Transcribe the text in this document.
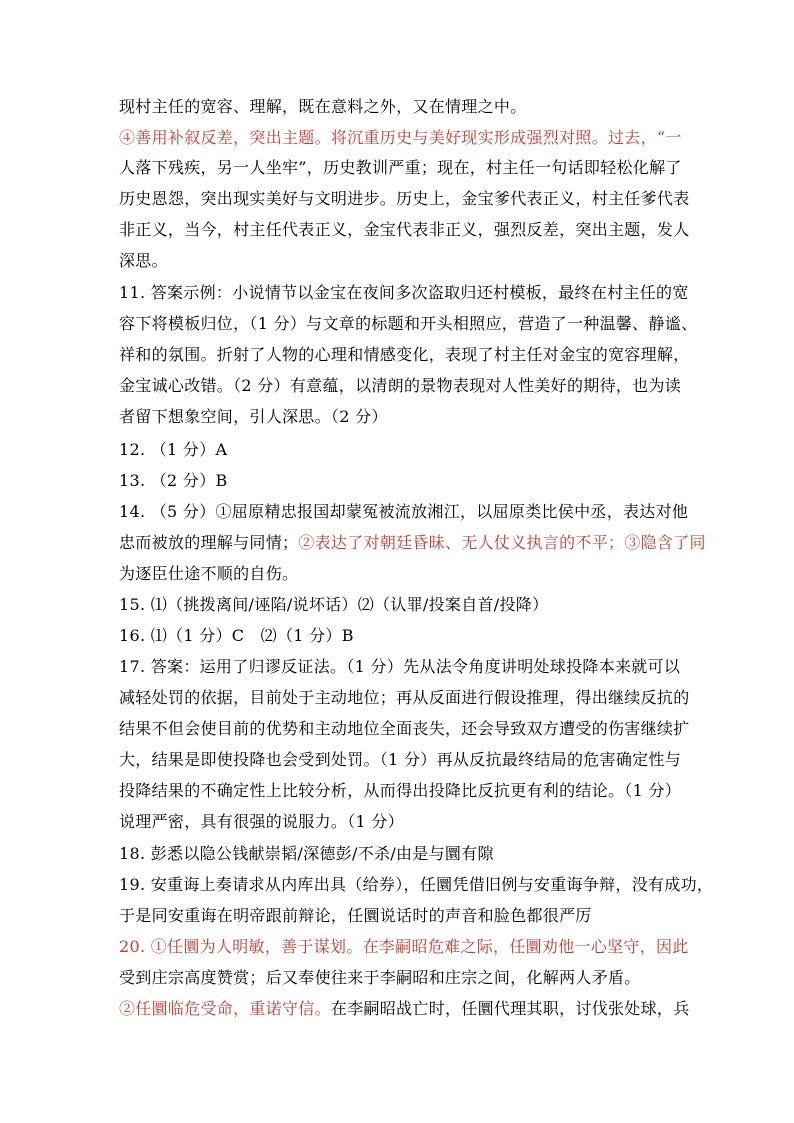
现村主任的宽容、理解，既在意料之外，又在情理之中。
④善用补叙反差，突出主题。将沉重历史与美好现实形成强烈对照。过去，“一
人落下残疾，另一人坐牢”，历史教训严重；现在，村主任一句话即轻松化解了
历史恩怨，突出现实美好与文明进步。历史上，金宝爹代表正义，村主任爹代表
非正义，当今，村主任代表正义，金宝代表非正义，强烈反差，突出主题，发人
深思。
11. 答案示例：小说情节以金宝在夜间多次盗取归还村模板，最终在村主任的宽
容下将模板归位，（1 分）与文章的标题和开头相照应，营造了一种温馨、静谧、
祥和的氛围。折射了人物的心理和情感变化，表现了村主任对金宝的宽容理解，
金宝诚心改错。（2 分）有意蕴，以清朗的景物表现对人性美好的期待，也为读
者留下想象空间，引人深思。（2 分）
12. （1 分）A
13. （2 分）B
14. （5 分）①屈原精忠报国却蒙冤被流放湘江，以屈原类比侯中丞，表达对他
忠而被放的理解与同情；②表达了对朝廷昏昧、无人仗义执言的不平；③隐含了同
为逐臣仕途不顺的自伤。
15. ⑴（挑拨离间/诬陷/说坏话）⑵（认罪/投案自首/投降）
16. ⑴（1 分）C　⑵（1 分）B
17. 答案：运用了归谬反证法。（1 分）先从法令角度讲明处球投降本来就可以
减轻处罚的依据，目前处于主动地位；再从反面进行假设推理，得出继续反抗的
结果不但会使目前的优势和主动地位全面丧失，还会导致双方遭受的伤害继续扩
大，结果是即使投降也会受到处罚。（1 分）再从反抗最终结局的危害确定性与
投降结果的不确定性上比较分析，从而得出投降比反抗更有利的结论。（1 分）
说理严密，具有很强的说服力。（1 分）
18. 彭悉以隐公钱献崇韬/深德彭/不杀/由是与圜有隙
19. 安重诲上奏请求从内库出具（给券），任圜凭借旧例与安重诲争辩，没有成功，
于是同安重诲在明帝跟前辩论，任圜说话时的声音和脸色都很严厉
20. ①任圜为人明敏，善于谋划。在李嗣昭危难之际，任圜劝他一心坚守，因此
受到庄宗高度赞赏；后又奉使往来于李嗣昭和庄宗之间，化解两人矛盾。
②任圜临危受命，重诺守信。在李嗣昭战亡时，任圜代理其职，讨伐张处球，兵
